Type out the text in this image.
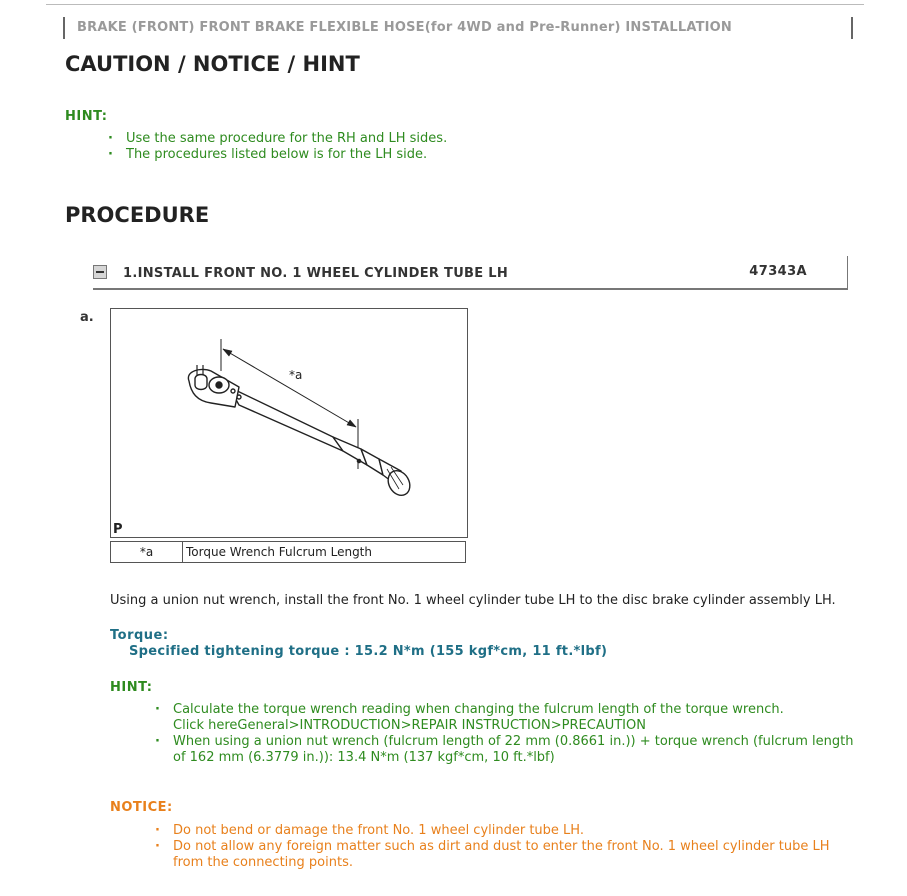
BRAKE (FRONT) FRONT BRAKE FLEXIBLE HOSE(for 4WD and Pre-Runner) INSTALLATION
CAUTION / NOTICE / HINT
HINT:
· Use the same procedure for the RH and LH sides.
· The procedures listed below is for the LH side.
PROCEDURE
1.INSTALL FRONT NO. 1 WHEEL CYLINDER TUBE LH	47343A
a.
*a
P
*a	Torque Wrench Fulcrum Length
Using a union nut wrench, install the front No. 1 wheel cylinder tube LH to the disc brake cylinder assembly LH.
Torque:
Specified tightening torque : 15.2 N*m (155 kgf*cm, 11 ft.*lbf)
HINT:
· Calculate the torque wrench reading when changing the fulcrum length of the torque wrench.
Click hereGeneral>INTRODUCTION>REPAIR INSTRUCTION>PRECAUTION
· When using a union nut wrench (fulcrum length of 22 mm (0.8661 in.)) + torque wrench (fulcrum length of 162 mm (6.3779 in.)): 13.4 N*m (137 kgf*cm, 10 ft.*lbf)
NOTICE:
· Do not bend or damage the front No. 1 wheel cylinder tube LH.
· Do not allow any foreign matter such as dirt and dust to enter the front No. 1 wheel cylinder tube LH from the connecting points.
